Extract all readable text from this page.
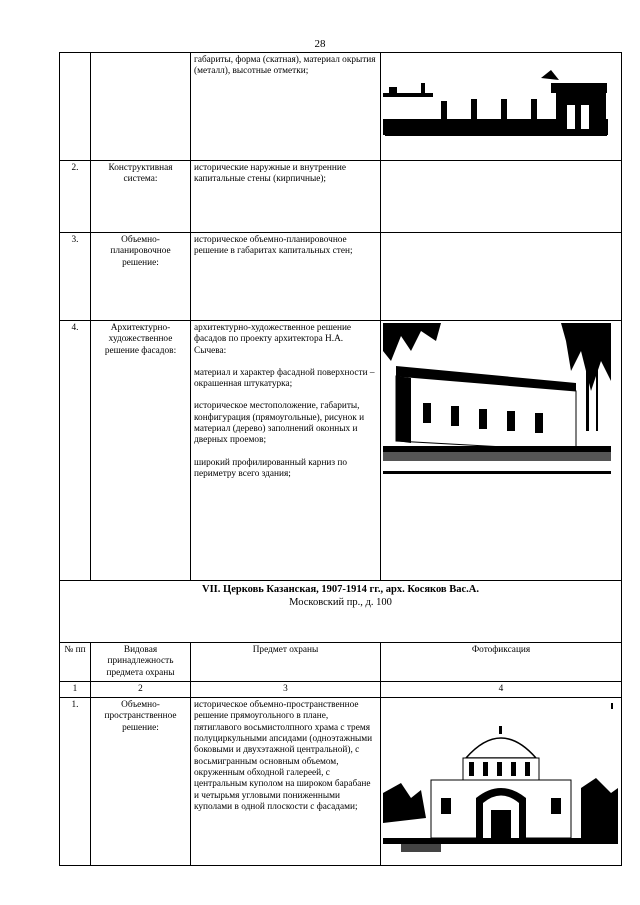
28

		габариты, форма (скатная), материал окрытия (металл), высотные отметки;

2.	Конструктивная система:	исторические наружные и внутренние капитальные стены (кирпичные);	

3.	Объемно-планировочное решение:	историческое объемно-планировочное решение в габаритах капитальных стен;	

4.	Архитектурно-художественное решение фасадов:	архитектурно-художественное решение фасадов по проекту архитектора Н.А. Сычева:
материал и характер фасадной поверхности – окрашенная штукатурка;
историческое местоположение, габариты, конфигурация (прямоугольные), рисунок и материал (дерево) заполнений оконных и дверных проемов;
широкий профилированный карниз по периметру всего здания;

VII. Церковь Казанская, 1907-1914 гг., арх. Косяков Вас.А.
Московский пр., д. 100			

№ пп	Видовая принадлежность предмета охраны	Предмет охраны	Фотофиксация
1	2	3	4
1.	Объемно-пространственное решение:	историческое объемно-пространственное решение прямоугольного в плане, пятиглавого восьмистолпного храма с тремя полуциркульными апсидами (одноэтажными боковыми и двухэтажной центральной), с восьмигранным основным объемом, окруженным обходной галереей, с центральным куполом на широком барабане и четырьмя угловыми пониженными куполами в одной плоскости с фасадами;
